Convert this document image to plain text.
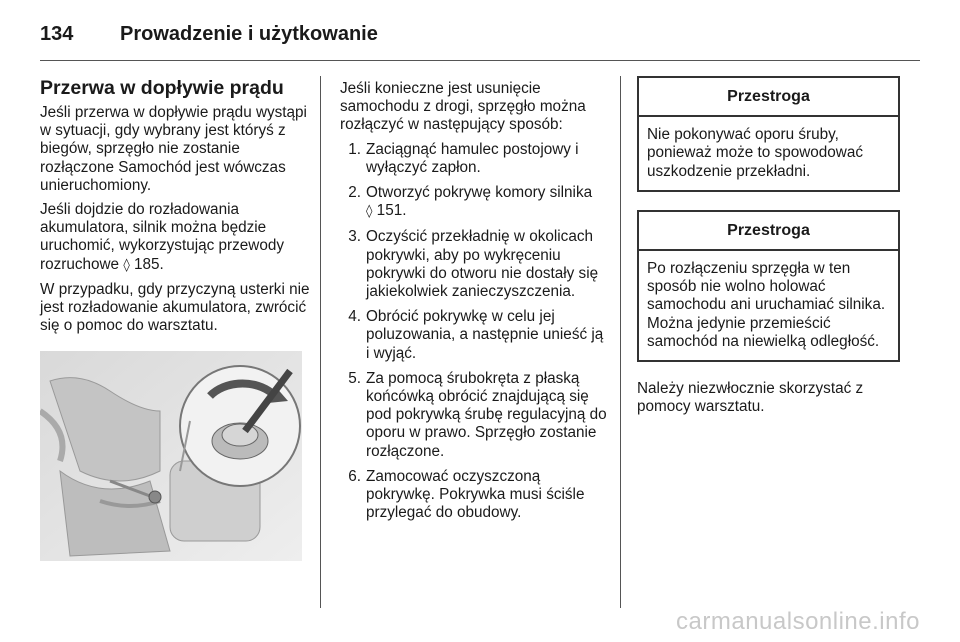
134	Prowadzenie i użytkowanie
Przerwa w dopływie prądu

Jeśli przerwa w dopływie prądu wystąpi w sytuacji, gdy wybrany jest któryś z biegów, sprzęgło nie zostanie rozłączone Samochód jest wówczas unieruchomiony.

Jeśli dojdzie do rozładowania akumulatora, silnik można będzie uruchomić, wykorzystując przewody rozruchowe ◊ 185.

W przypadku, gdy przyczyną usterki nie jest rozładowanie akumulatora, zwrócić się o pomoc do warsztatu.

Jeśli konieczne jest usunięcie samochodu z drogi, sprzęgło można rozłączyć w następujący sposób:

1. Zaciągnąć hamulec postojowy i wyłączyć zapłon.
2. Otworzyć pokrywę komory silnika
◊ 151.
3. Oczyścić przekładnię w okolicach pokrywki, aby po wykręceniu pokrywki do otworu nie dostały się jakiekolwiek zanieczyszczenia.
4. Obrócić pokrywkę w celu jej poluzowania, a następnie unieść ją i wyjąć.
5. Za pomocą śrubokręta z płaską końcówką obrócić znajdującą się pod pokrywką śrubę regulacyjną do oporu w prawo. Sprzęgło zostanie rozłączone.
6. Zamocować oczyszczoną pokrywkę. Pokrywka musi ściśle przylegać do obudowy.
Przestroga
Nie pokonywać oporu śruby, ponieważ może to spowodować uszkodzenie przekładni.
Przestroga
Po rozłączeniu sprzęgła w ten sposób nie wolno holować samochodu ani uruchamiać silnika. Można jedynie przemieścić samochód na niewielką odległość.

Należy niezwłocznie skorzystać z pomocy warsztatu.

carmanualsonline.info
